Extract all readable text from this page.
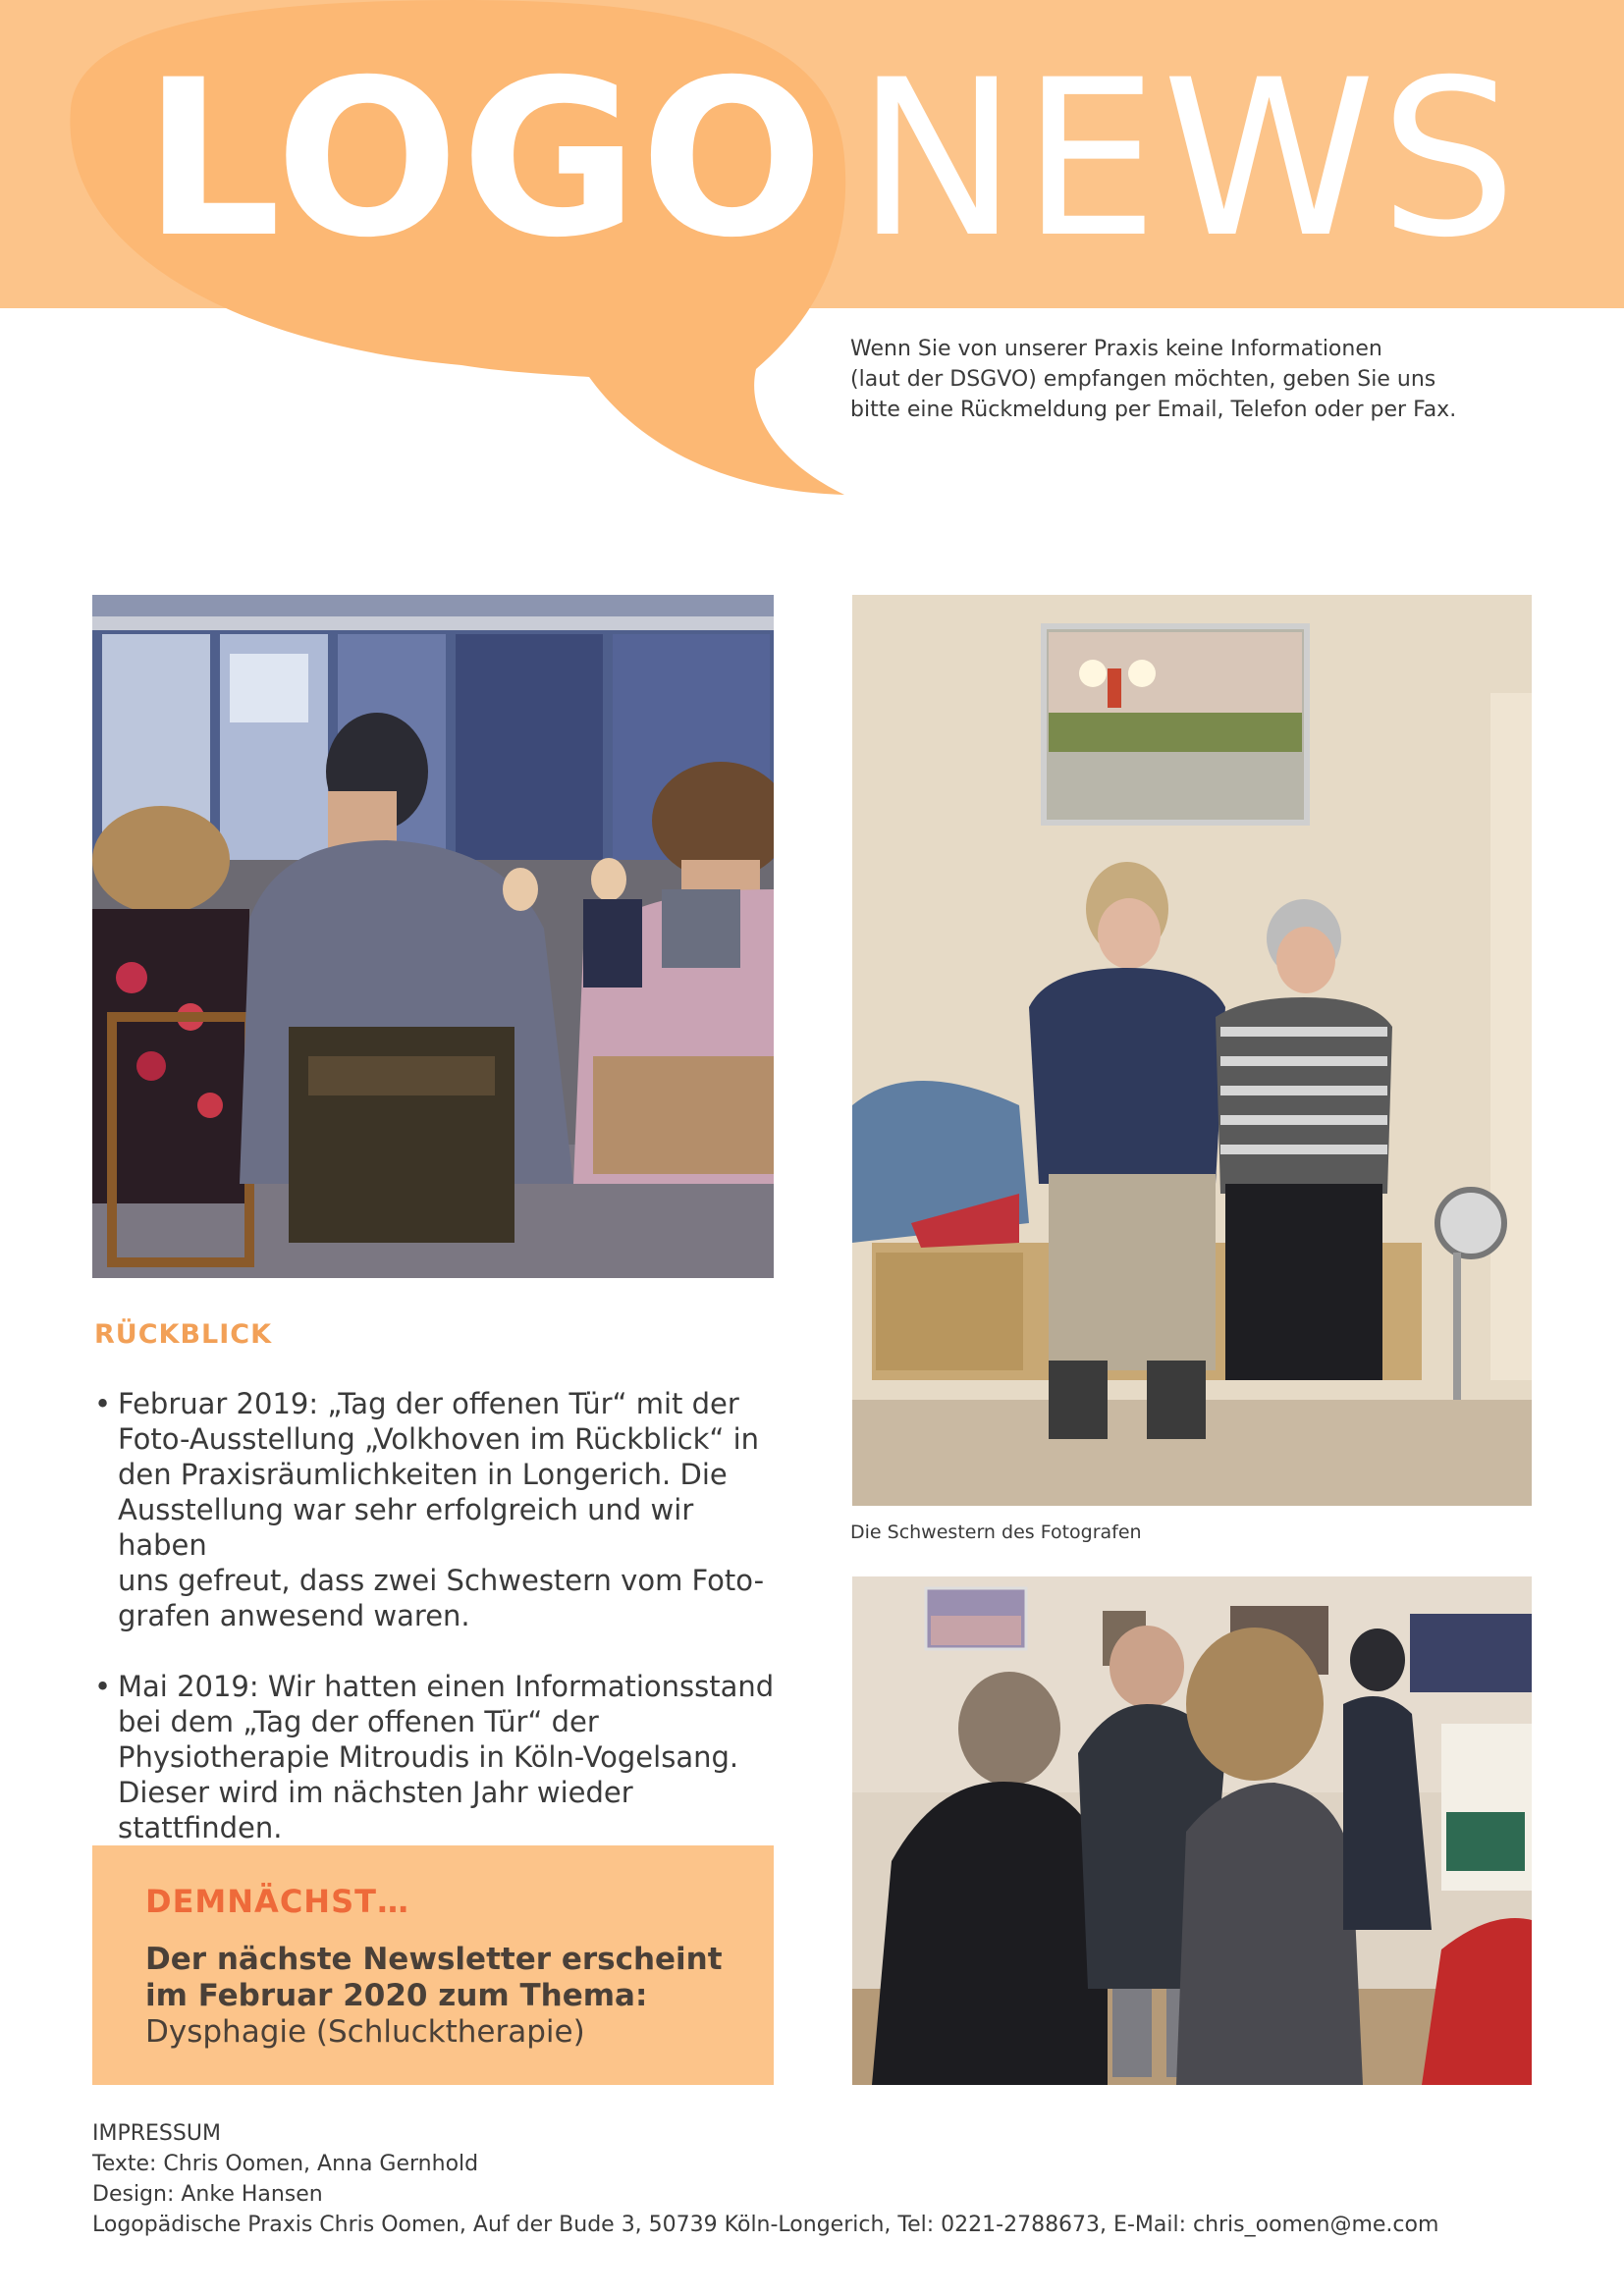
LOGO NEWS

Wenn Sie von unserer Praxis keine Informationen

(laut der DSGVO) empfangen möchten, geben Sie uns

bitte eine Rückmeldung per Email, Telefon oder per Fax.

Die Schwestern des Fotografen
RÜCKBLICK
• Februar 2019: „Tag der offenen Tür“ mit der
Foto-Ausstellung „Volkhoven im Rückblick“ in
den Praxisräumlichkeiten in Longerich. Die
Ausstellung war sehr erfolgreich und wir haben
uns gefreut, dass zwei Schwestern vom Foto-
grafen anwesend waren.
• Mai 2019: Wir hatten einen Informationsstand
bei dem „Tag der offenen Tür“ der
Physiotherapie Mitroudis in Köln-Vogelsang.
Dieser wird im nächsten Jahr wieder
stattfinden.
DEMNÄCHST…
Der nächste Newsletter erscheint
im Februar 2020 zum Thema:
Dysphagie (Schlucktherapie)
IMPRESSUM
Texte: Chris Oomen, Anna Gernhold
Design: Anke Hansen
Logopädische Praxis Chris Oomen, Auf der Bude 3, 50739 Köln-Longerich, Tel: 0221-2788673, E-Mail: chris_oomen@me.com
